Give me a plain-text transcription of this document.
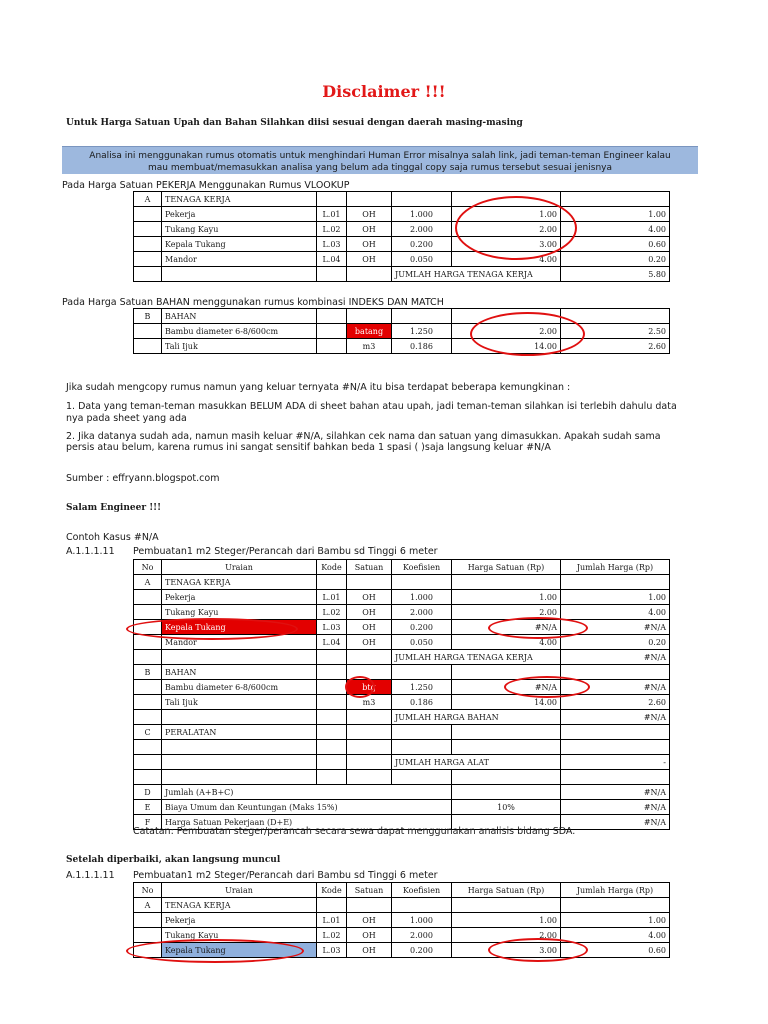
Disclaimer !!!
Untuk Harga Satuan Upah dan Bahan Silahkan diisi sesuai dengan daerah masing-masing
Analisa ini menggunakan rumus otomatis untuk menghindari Human Error misalnya salah link, jadi teman-teman Engineer kalau
mau membuat/memasukkan analisa yang belum ada tinggal copy saja rumus tersebut sesuai jenisnya
Pada Harga Satuan PEKERJA Menggunakan Rumus VLOOKUP
A	TENAGA KERJA					
	Pekerja	L.01	OH	1.000	1.00	1.00
	Tukang Kayu	L.02	OH	2.000	2.00	4.00
	Kepala Tukang	L.03	OH	0.200	3.00	0.60
	Mandor	L.04	OH	0.050	4.00	0.20
				JUMLAH HARGA TENAGA KERJA		5.80
Pada Harga Satuan BAHAN menggunakan rumus kombinasi INDEKS DAN MATCH
B	BAHAN					
	Bambu diameter 6-8/600cm		batang	1.250	2.00	2.50
	Tali Ijuk		m3	0.186	14.00	2.60
Jika sudah mengcopy rumus namun yang keluar ternyata #N/A itu bisa terdapat beberapa kemungkinan :
1. Data yang teman-teman masukkan BELUM ADA di sheet bahan atau upah, jadi teman-teman silahkan isi terlebih dahulu data
nya pada sheet yang ada
2. Jika datanya sudah ada, namun masih keluar #N/A, silahkan cek nama dan satuan yang dimasukkan. Apakah sudah sama
persis atau belum, karena rumus ini sangat sensitif bahkan beda 1 spasi ( )saja langsung keluar #N/A
Sumber : effryann.blogspot.com
Salam Engineer !!!
Contoh Kasus #N/A
A.1.1.1.11 Pembuatan1 m2 Steger/Perancah dari Bambu sd Tinggi 6 meter
No	Uraian	Kode	Satuan	Koefisien	Harga Satuan (Rp)	Jumlah Harga (Rp)
A	TENAGA KERJA					
	Pekerja	L.01	OH	1.000	1.00	1.00
	Tukang Kayu	L.02	OH	2.000	2.00	4.00
	Kepala Tukang	L.03	OH	0.200	#N/A	#N/A
	Mandor	L.04	OH	0.050	4.00	0.20
				JUMLAH HARGA TENAGA KERJA		#N/A
B	BAHAN					
	Bambu diameter 6-8/600cm		btg	1.250	#N/A	#N/A
	Tali Ijuk		m3	0.186	14.00	2.60
				JUMLAH HARGA BAHAN		#N/A
C	PERALATAN					

				JUMLAH HARGA ALAT		-

D	Jumlah (A+B+C)					#N/A
E	Biaya Umum dan Keuntungan (Maks 15%)				10%	#N/A
F	Harga Satuan Pekerjaan (D+E)					#N/A
Catatan: Pembuatan steger/perancah secara sewa dapat menggunakan analisis bidang SDA.
Setelah diperbaiki, akan langsung muncul
A.1.1.1.11 Pembuatan1 m2 Steger/Perancah dari Bambu sd Tinggi 6 meter
No	Uraian	Kode	Satuan	Koefisien	Harga Satuan (Rp)	Jumlah Harga (Rp)
A	TENAGA KERJA					
	Pekerja	L.01	OH	1.000	1.00	1.00
	Tukang Kayu	L.02	OH	2.000	2.00	4.00
	Kepala Tukang	L.03	OH	0.200	3.00	0.60
